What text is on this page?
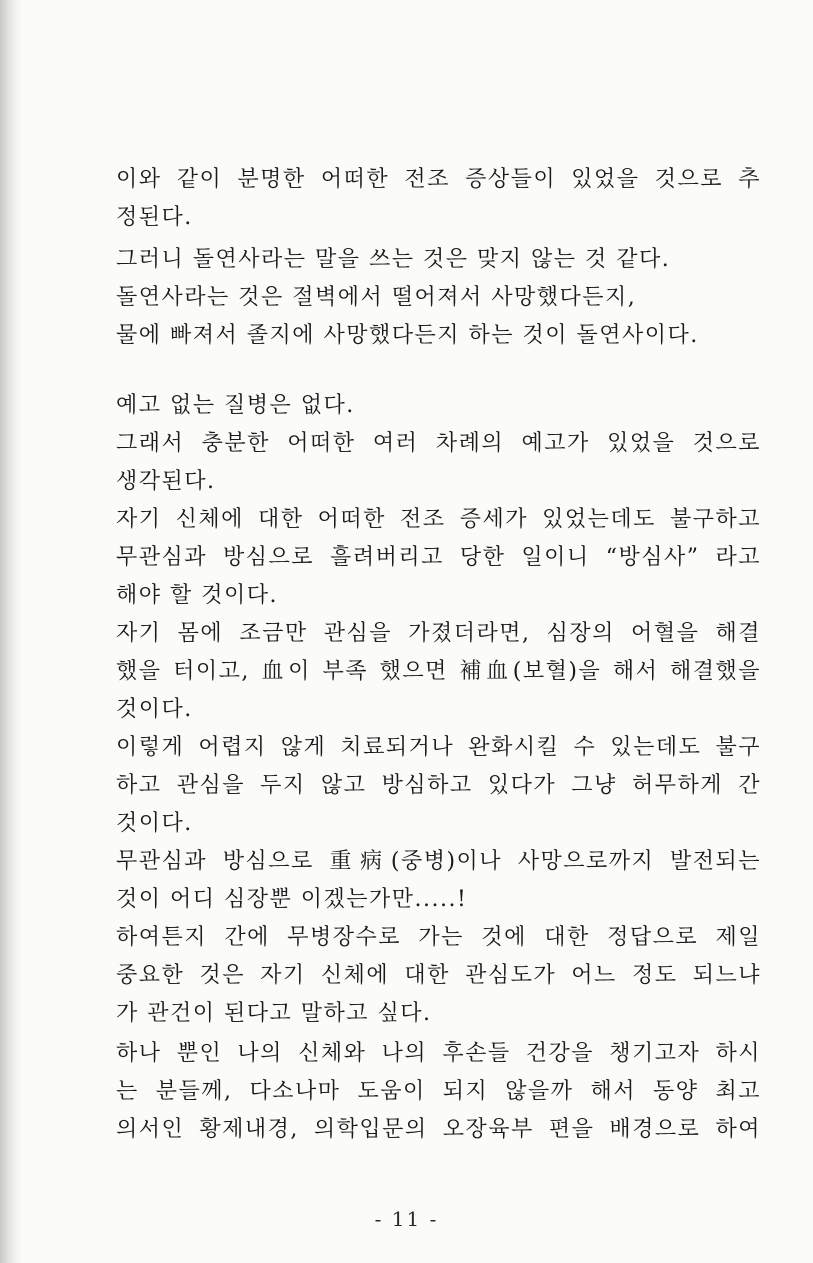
이와 같이 분명한 어떠한 전조 증상들이 있었을 것으로 추
정된다.
그러니 돌연사라는 말을 쓰는 것은 맞지 않는 것 같다.
돌연사라는 것은 절벽에서 떨어져서 사망했다든지,
물에 빠져서 졸지에 사망했다든지 하는 것이 돌연사이다.
예고 없는 질병은 없다.
그래서 충분한 어떠한 여러 차례의 예고가 있었을 것으로
생각된다.
자기 신체에 대한 어떠한 전조 증세가 있었는데도 불구하고
무관심과 방심으로 흘려버리고 당한 일이니 “방심사” 라고
해야 할 것이다.
자기 몸에 조금만 관심을 가졌더라면, 심장의 어혈을 해결
했을 터이고, 血이 부족 했으면 補血(보혈)을 해서 해결했을
것이다.
이렇게 어렵지 않게 치료되거나 완화시킬 수 있는데도 불구
하고 관심을 두지 않고 방심하고 있다가 그냥 허무하게 간
것이다.
무관심과 방심으로 重病(중병)이나 사망으로까지 발전되는
것이 어디 심장뿐 이겠는가만.....!
하여튼지 간에 무병장수로 가는 것에 대한 정답으로 제일
중요한 것은 자기 신체에 대한 관심도가 어느 정도 되느냐
가 관건이 된다고 말하고 싶다.
하나 뿐인 나의 신체와 나의 후손들 건강을 챙기고자 하시
는 분들께, 다소나마 도움이 되지 않을까 해서 동양 최고
의서인 황제내경, 의학입문의 오장육부 편을 배경으로 하여
- 11 -
